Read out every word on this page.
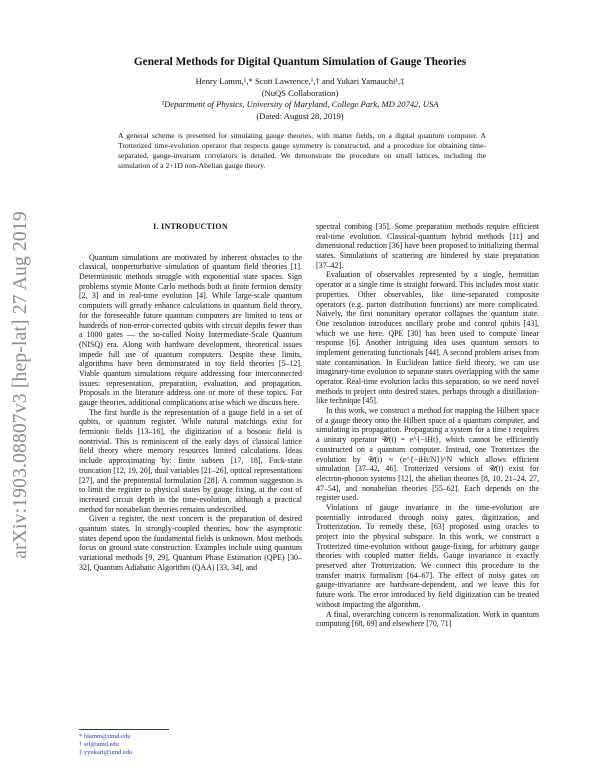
arXiv:1903.08807v3 [hep-lat] 27 Aug 2019
General Methods for Digital Quantum Simulation of Gauge Theories
Henry Lamm,¹,* Scott Lawrence,¹,† and Yukari Yamauchi¹,‡
(NuQS Collaboration)
¹Department of Physics, University of Maryland, College Park, MD 20742, USA
(Dated: August 28, 2019)
A general scheme is presented for simulating gauge theories, with matter fields, on a digital quantum computer. A Trotterized time-evolution operator that respects gauge symmetry is constructed, and a procedure for obtaining time-separated, gauge-invariant correlators is detailed. We demonstrate the procedure on small lattices, including the simulation of a 2+1D non-Abelian gauge theory.
I. INTRODUCTION

Quantum simulations are motivated by inherent obstacles to the classical, nonperturbative simulation of quantum field theories [1]. Deterministic methods struggle with exponential state spaces. Sign problems stymie Monte Carlo methods both at finite fermion density [2, 3] and in real-time evolution [4]. While large-scale quantum computers will greatly enhance calculations in quantum field theory, for the foreseeable future quantum computers are limited to tens or hundreds of non-error-corrected qubits with circuit depths fewer than a 1000 gates — the so-called Noisy Intermediate-Scale Quantum (NISQ) era. Along with hardware development, theoretical issues impede full use of quantum computers. Despite these limits, algorithms have been demonstrated in toy field theories [5–12]. Viable quantum simulations require addressing four interconnected issues: representation, preparation, evaluation, and propagation. Proposals in the literature address one or more of these topics. For gauge theories, additional complications arise which we discuss here.

The first hurdle is the representation of a gauge field in a set of qubits, or quantum register. While natural matchings exist for fermionic fields [13–16], the digitization of a bosonic field is nontrivial. This is reminiscent of the early days of classical lattice field theory where memory resources limited calculations. Ideas include approximating by: finite subsets [17, 18], Fock-state truncation [12, 19, 20], dual variables [21–26], optical representations [27], and the prepotential formulation [28]. A common suggestion is to limit the register to physical states by gauge fixing, at the cost of increased circuit depth in the time-evolution, although a practical method for nonabelian theories remains undescribed.

Given a register, the next concern is the preparation of desired quantum states. In strongly-coupled theories, how the asymptotic states depend upon the fundamental fields is unknown. Most methods focus on ground state construction. Examples include using quantum variational methods [9, 29], Quantum Phase Estimation (QPE) [30–32], Quantum Adiabatic Algorithm (QAA) [33, 34], and

spectral combing [35]. Some preparation methods require efficient real-time evolution. Classical-quantum hybrid methods [11] and dimensional reduction [36] have been proposed to initializing thermal states. Simulations of scattering are hindered by state preparation [37–42].

Evaluation of observables represented by a single, hermitian operator at a single time is straight forward. This includes most static properties. Other observables, like time-separated composite operators (e.g. parton distribution functions) are more complicated. Naively, the first nonunitary operator collapses the quantum state. One resolution introduces ancillary probe and control qubits [43], which we use here. QPE [30] has been used to compute linear response [6]. Another intriguing idea uses quantum sensors to implement generating functionals [44]. A second problem arises from state contamination. In Euclidean lattice field theory, we can use imaginary-time evolution to separate states overlapping with the same operator. Real-time evolution lacks this separation, so we need novel methods to project onto desired states, perhaps through a distillation-like technique [45].

In this work, we construct a method for mapping the Hilbert space of a gauge theory onto the Hilbert space of a quantum computer, and simulating its propagation. Propagating a system for a time t requires a unitary operator 𝒰(t) = e^{−iHt}, which cannot be efficiently constructed on a quantum computer. Instead, one Trotterizes the evolution by 𝒰(t) ≈ (e^{−iHt/N})^N which allows efficient simulation [37–42, 46]. Trotterized versions of 𝒰(t) exist for electron-phonon systems [12], the abelian theories [8, 10, 21–24, 27, 47–54], and nonabelian theories [55–62]. Each depends on the register used.

Violations of gauge invariance in the time-evolution are potentially introduced through noisy gates, digitization, and Trotterization. To remedy these, [63] proposed using oracles to project into the physical subspace. In this work, we construct a Trotterized time-evolution without gauge-fixing, for arbitrary gauge theories with coupled matter fields. Gauge invariance is exactly preserved after Trotterization. We connect this procedure to the transfer matrix formalism [64–67]. The effect of noisy gates on gauge-invariance are hardware-dependent, and we leave this for future work. The error introduced by field digitization can be treated without impacting the algorithm.

A final, overarching concern is renormalization. Work in quantum computing [68, 69] and elsewhere [70, 71]

* hlamm@umd.edu
† srl@umd.edu
‡ yyukari@umd.edu
